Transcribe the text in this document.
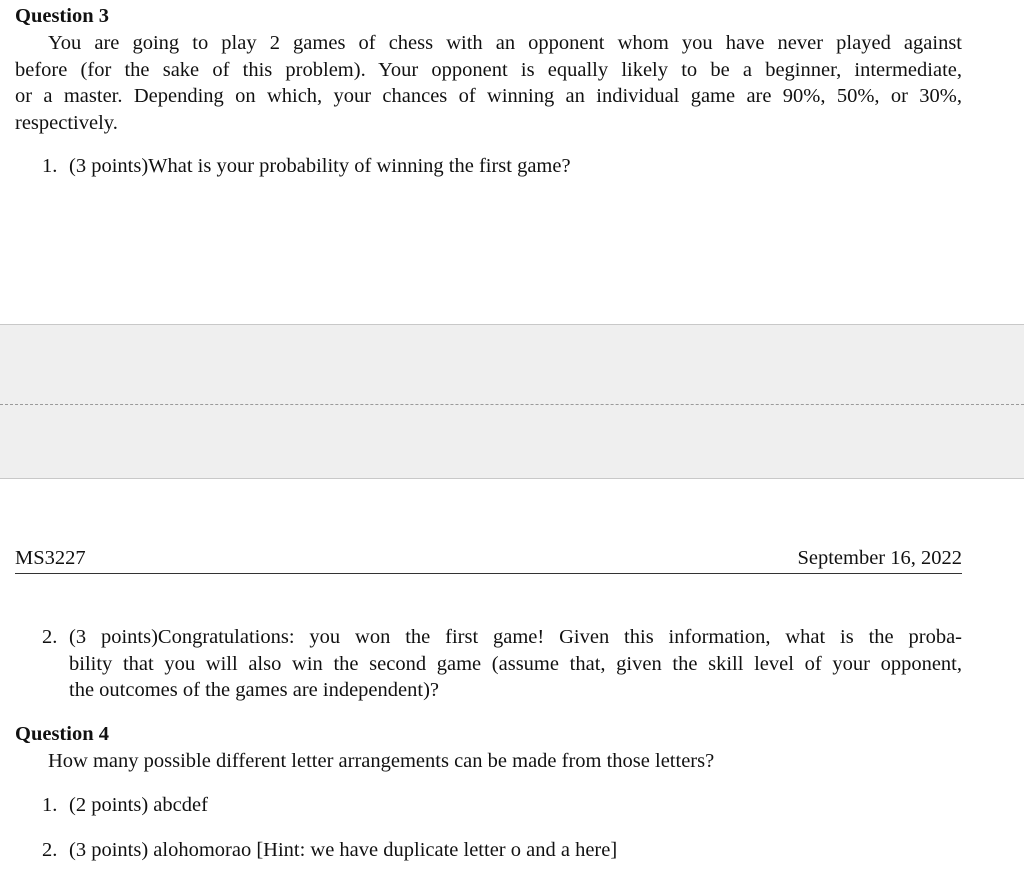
Question 3
You are going to play 2 games of chess with an opponent whom you have never played against
before (for the sake of this problem). Your opponent is equally likely to be a beginner, intermediate,
or a master. Depending on which, your chances of winning an individual game are 90%, 50%, or 30%,
respectively.
1. (3 points)What is your probability of winning the first game?
MS3227	September 16, 2022
2. (3 points)Congratulations: you won the first game! Given this information, what is the proba-
bility that you will also win the second game (assume that, given the skill level of your opponent,
the outcomes of the games are independent)?
Question 4
How many possible different letter arrangements can be made from those letters?
1. (2 points) abcdef
2. (3 points) alohomorao [Hint: we have duplicate letter o and a here]
